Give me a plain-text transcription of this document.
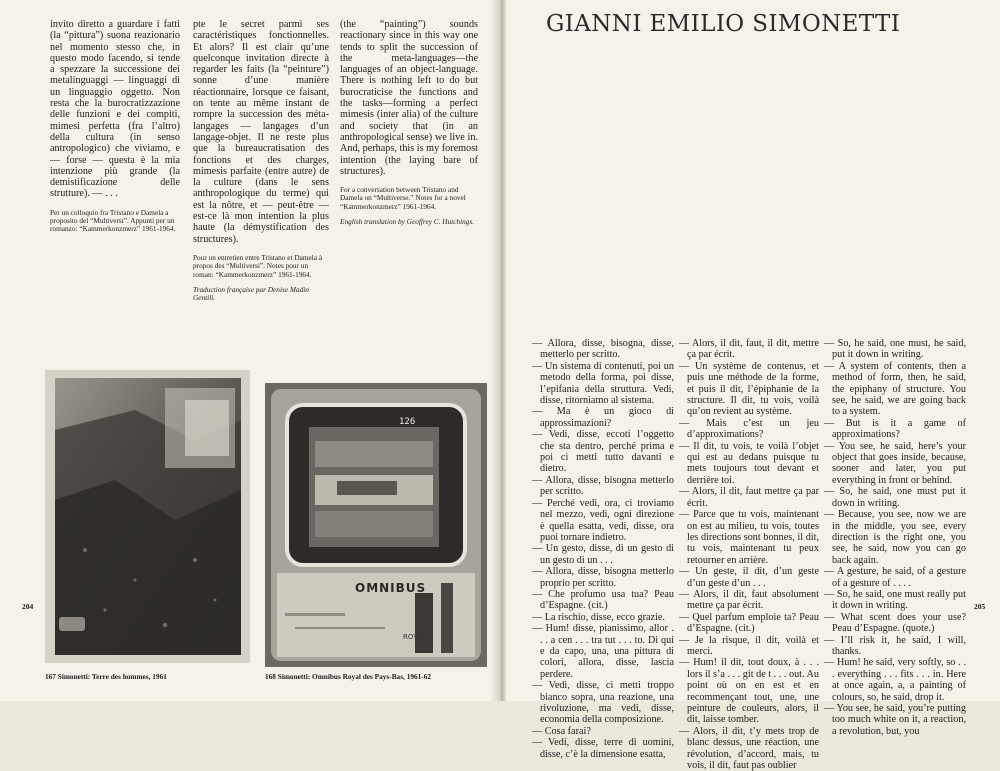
invito diretto a guardare i fatti (la “pittura”) suona reazionario nel momento stesso che, in questo modo facendo, si tende a spezzare la successione dei metalinguaggi — linguaggi di un linguaggio oggetto. Non resta che la burocratizzazione delle funzioni e dei compiti, mimesi perfetta (fra l’altro) della cultura (in senso antropologico) che viviamo, e — forse — questa è la mia intenzione più grande (la demistificazione delle strutture). — . . .

Per un colloquio fra Tristano e Damela a proposito del “Multiversi”. Appunti per un romanzo: “Kammerkonzmerz” 1961-1964.

pte le secret parmi ses caractéristiques fonctionnelles. Et alors? Il est clair qu’une quelconque invitation directe à regarder les faits (la “peinture”) sonne d’une manière réactionnaire, lorsque ce faisant, on tente au même instant de rompre la succession des méta-langages — langages d’un langage-objet. Il ne reste plus que la bureaucratisation des fonctions et des charges, mimesis parfaite (entre autre) de la culture (dans le sens anthropologique du terme) qui est la nôtre, et — peut-être — est-ce là mon intention la plus haute (la démystification des structures).

Pour un entretien entre Tristano et Damela à propos des “Multiversi”. Notes pour un roman: “Kammerkonzmerz” 1961-1964.

Traduction française par Denise Madin Gentili.

(the “painting”) sounds reactionary since in this way one tends to split the succession of the meta-languages—the languages of an object-language. There is nothing left to do but burocraticise the functions and the tasks—forming a perfect mimesis (inter alia) of the culture and society that (in an anthropological sense) we live in. And, perhaps, this is my foremost intention (the laying bare of structures).

For a conversation between Tristano and Damela on “Multiverse.” Notes for a novel “Kammerkonzmerz” 1961-1964.

English translation by Geoffrey C. Hutchings.

126
OMNIBUS
ROYAL
204
167 Simonetti: Terre des hommes, 1961	168 Simonetti: Omnibus Royal des Pays-Bas, 1961-62
GIANNI EMILIO SIMONETTI
— Allora, disse, bisogna, disse, metterlo per scritto.
— Un sistema di contenuti, poi un metodo della forma, poi disse, l’epifania della struttura. Vedi, disse, ritorniamo al sistema.
— Ma è un gioco di approssimazioni?
— Vedi, disse, eccoti l’oggetto che sta dentro, perché prima e poi ci metti tutto davanti e dietro.
— Allora, disse, bisogna metterlo per scritto.
— Perché vedi, ora, ci troviamo nel mezzo, vedi, ogni direzione è quella esatta, vedi, disse, ora puoi tornare indietro.
— Un gesto, disse, di un gesto di un gesto di un . . .
— Allora, disse, bisogna metterlo proprio per scritto.
— Che profumo usa tua? Peau d’Espagne. (cit.)
— La rischio, disse, ecco grazie.
— Hum! disse, pianissimo, allor . . . a cen . . . tra tut . . . to. Di qui e da capo, una, una pittura di colori, allora, disse, lascia perdere.
— Vedi, disse, ci metti troppo bianco sopra, una reazione, una rivoluzione, ma vedi, disse, economia della composizione.
— Cosa farai?
— Vedi, disse, terre di uomini, disse, c’è la dimensione esatta,
— Alors, il dit, faut, il dit, mettre ça par écrit.
— Un système de contenus, et puis une méthode de la forme, et puis il dit, l’épiphanie de la structure. Il dit, tu vois, voilà qu’on revient au système.
— Mais c’est un jeu d’approximations?
— Il dit, tu vois, te voilà l’objet qui est au dedans puisque tu mets toujours tout devant et derrière toi.
— Alors, il dit, faut mettre ça par écrit.
— Parce que tu vois, maintenant on est au milieu, tu vois, toutes les directions sont bonnes, il dit, tu vois, maintenant tu peux retourner en arrière.
— Un geste, il dit, d’un geste d’un geste d’un . . .
— Alors, il dit, faut absolument mettre ça par écrit.
— Quel parfum emploie ta? Peau d’Espagne. (cit.)
— Je la risque, il dit, voilà et merci.
— Hum! il dit, tout doux, à . . . lors il s’a . . . git de t . . . out. Au point où on en est et en recommençant tout, une, une peinture de couleurs, alors, il dit, laisse tomber.
— Alors, il dit, t’y mets trop de blanc dessus, une réaction, une révolution, d’accord, mais, tu vois, il dit, faut pas oublier
— So, he said, one must, he said, put it down in writing.
— A system of contents, then a method of form, then, he said, the epiphany of structure. You see, he said, we are going back to a system.
— But is it a game of approximations?
— You see, he said, here’s your object that goes inside, because, sooner and later, you put everything in front or behind.
— So, he said, one must put it down in writing.
— Because, you see, now we are in the middle, you see, every direction is the right one, you see, he said, now you can go back again.
— A gesture, he said, of a gesture of a gesture of . . . .
— So, he said, one must really put it down in writing.
— What scent does your use? Peau d’Espagne. (quote.)
— I’ll risk it, he said, I will, thanks.
— Hum! he said, very softly, so . . . everything . . . fits . . . in. Here at once again, a, a painting of colours, so, he said, drop it.
— You see, he said, you’re putting too much white on it, a reaction, a revolution, but, you
205
